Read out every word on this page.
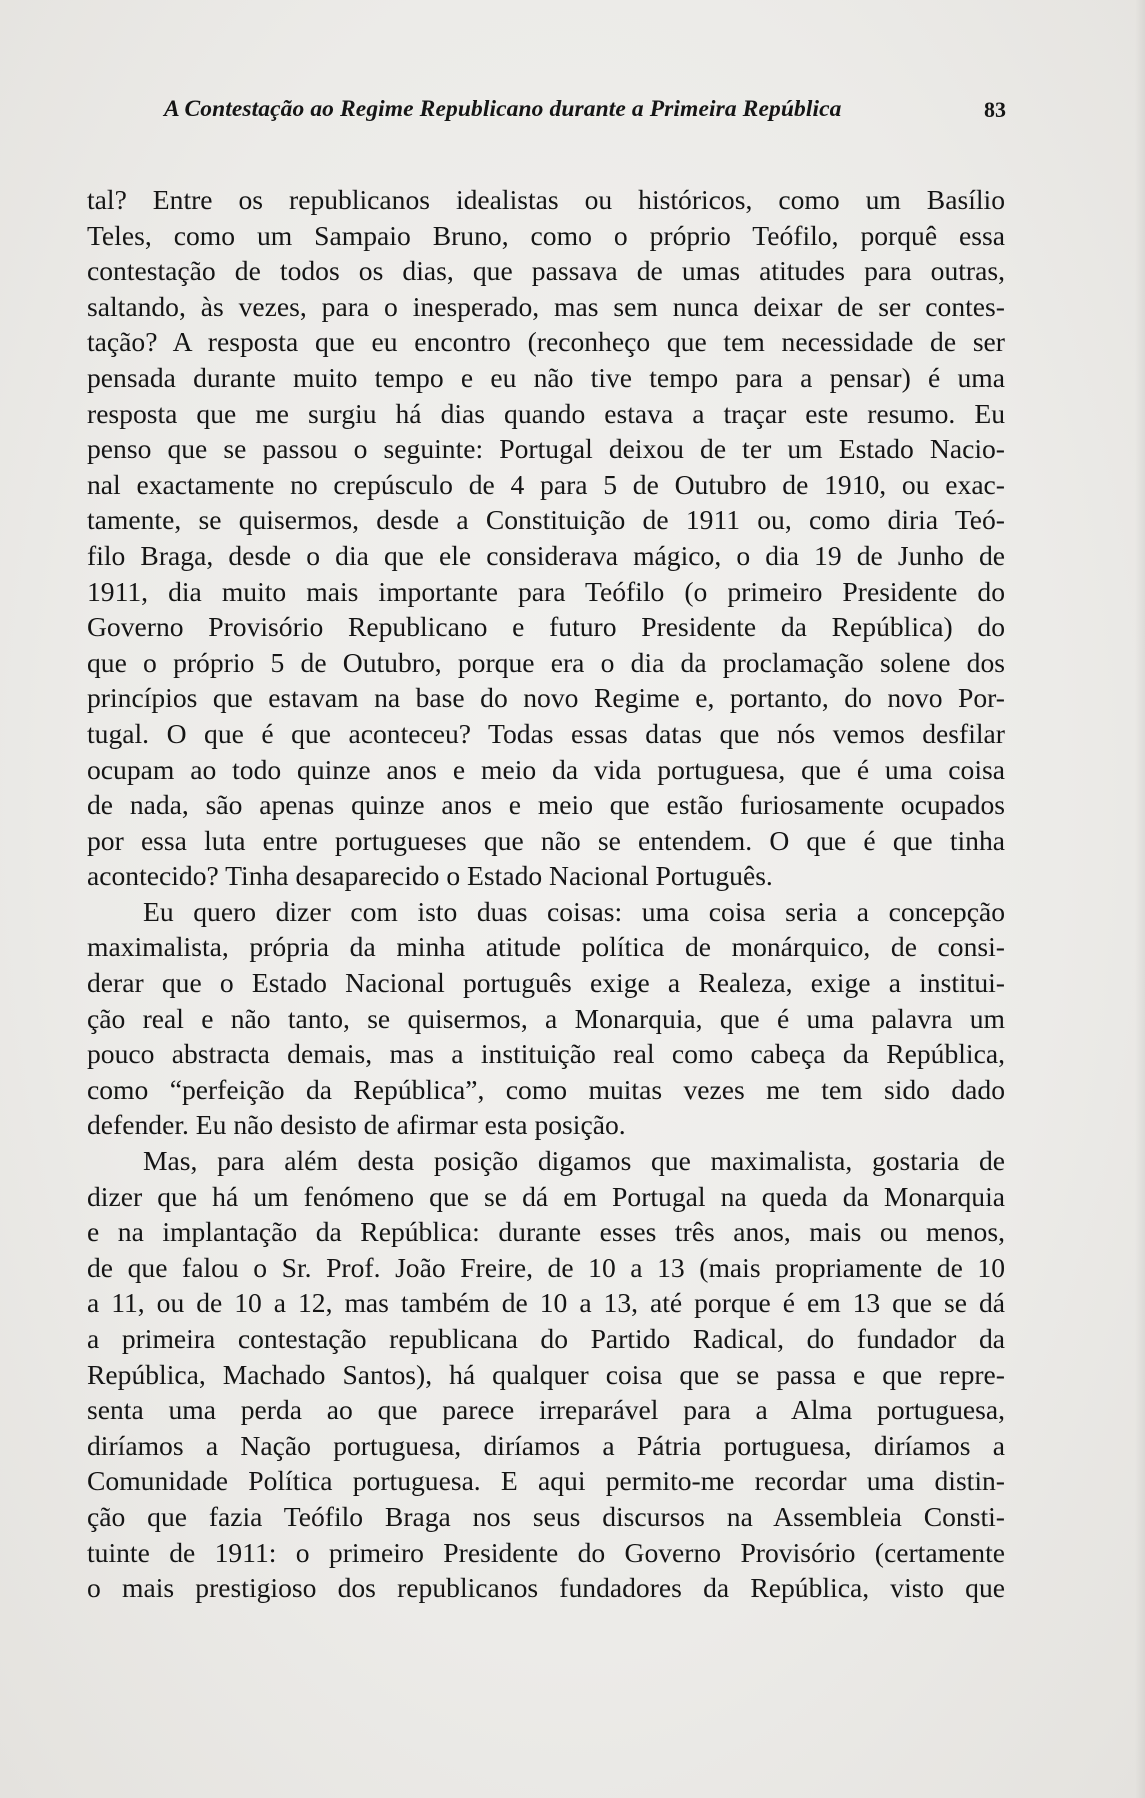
A Contestação ao Regime Republicano durante a Primeira República	83
tal? Entre os republicanos idealistas ou históricos, como um Basílio
Teles, como um Sampaio Bruno, como o próprio Teófilo, porquê essa
contestação de todos os dias, que passava de umas atitudes para outras,
saltando, às vezes, para o inesperado, mas sem nunca deixar de ser contes-
tação? A resposta que eu encontro (reconheço que tem necessidade de ser
pensada durante muito tempo e eu não tive tempo para a pensar) é uma
resposta que me surgiu há dias quando estava a traçar este resumo. Eu
penso que se passou o seguinte: Portugal deixou de ter um Estado Nacio-
nal exactamente no crepúsculo de 4 para 5 de Outubro de 1910, ou exac-
tamente, se quisermos, desde a Constituição de 1911 ou, como diria Teó-
filo Braga, desde o dia que ele considerava mágico, o dia 19 de Junho de
1911, dia muito mais importante para Teófilo (o primeiro Presidente do
Governo Provisório Republicano e futuro Presidente da República) do
que o próprio 5 de Outubro, porque era o dia da proclamação solene dos
princípios que estavam na base do novo Regime e, portanto, do novo Por-
tugal. O que é que aconteceu? Todas essas datas que nós vemos desfilar
ocupam ao todo quinze anos e meio da vida portuguesa, que é uma coisa
de nada, são apenas quinze anos e meio que estão furiosamente ocupados
por essa luta entre portugueses que não se entendem. O que é que tinha
acontecido? Tinha desaparecido o Estado Nacional Português.
Eu quero dizer com isto duas coisas: uma coisa seria a concepção
maximalista, própria da minha atitude política de monárquico, de consi-
derar que o Estado Nacional português exige a Realeza, exige a institui-
ção real e não tanto, se quisermos, a Monarquia, que é uma palavra um
pouco abstracta demais, mas a instituição real como cabeça da República,
como “perfeição da República”, como muitas vezes me tem sido dado
defender. Eu não desisto de afirmar esta posição.
Mas, para além desta posição digamos que maximalista, gostaria de
dizer que há um fenómeno que se dá em Portugal na queda da Monarquia
e na implantação da República: durante esses três anos, mais ou menos,
de que falou o Sr. Prof. João Freire, de 10 a 13 (mais propriamente de 10
a 11, ou de 10 a 12, mas também de 10 a 13, até porque é em 13 que se dá
a primeira contestação republicana do Partido Radical, do fundador da
República, Machado Santos), há qualquer coisa que se passa e que repre-
senta uma perda ao que parece irreparável para a Alma portuguesa,
diríamos a Nação portuguesa, diríamos a Pátria portuguesa, diríamos a
Comunidade Política portuguesa. E aqui permito-me recordar uma distin-
ção que fazia Teófilo Braga nos seus discursos na Assembleia Consti-
tuinte de 1911: o primeiro Presidente do Governo Provisório (certamente
o mais prestigioso dos republicanos fundadores da República, visto que
